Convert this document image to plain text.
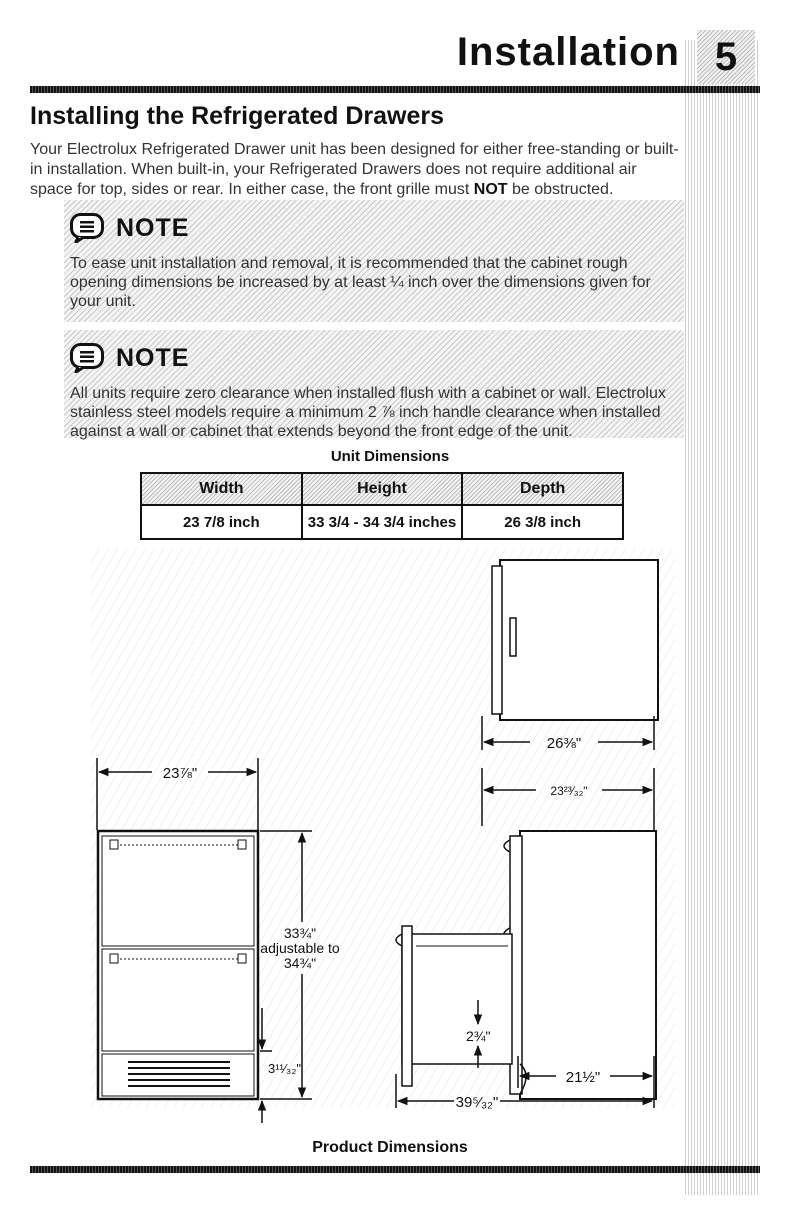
Installation 5
Installing the Refrigerated Drawers

Your Electrolux Refrigerated Drawer unit has been designed for either free-standing or built-in installation. When built-in, your Refrigerated Drawers does not require additional air space for top, sides or rear. In either case, the front grille must NOT be obstructed.

NOTE

To ease unit installation and removal, it is recommended that the cabinet rough opening dimensions be increased by at least ¼ inch over the dimensions given for your unit.

NOTE

All units require zero clearance when installed flush with a cabinet or wall. Electrolux stainless steel models require a minimum 2 ⅞ inch handle clearance when installed against a wall or cabinet that extends beyond the front edge of the unit.

Unit Dimensions
Width	Height	Depth
23 7/8 inch	33 3/4 - 34 3/4 inches	26 3/8 inch
26⅜"
23²³⁄₃₂"
23⅞"
33¾"
adjustable to
34¾"
3¹¹⁄₃₂"
2¾"
21½"
39⁵⁄₃₂"
Product Dimensions
